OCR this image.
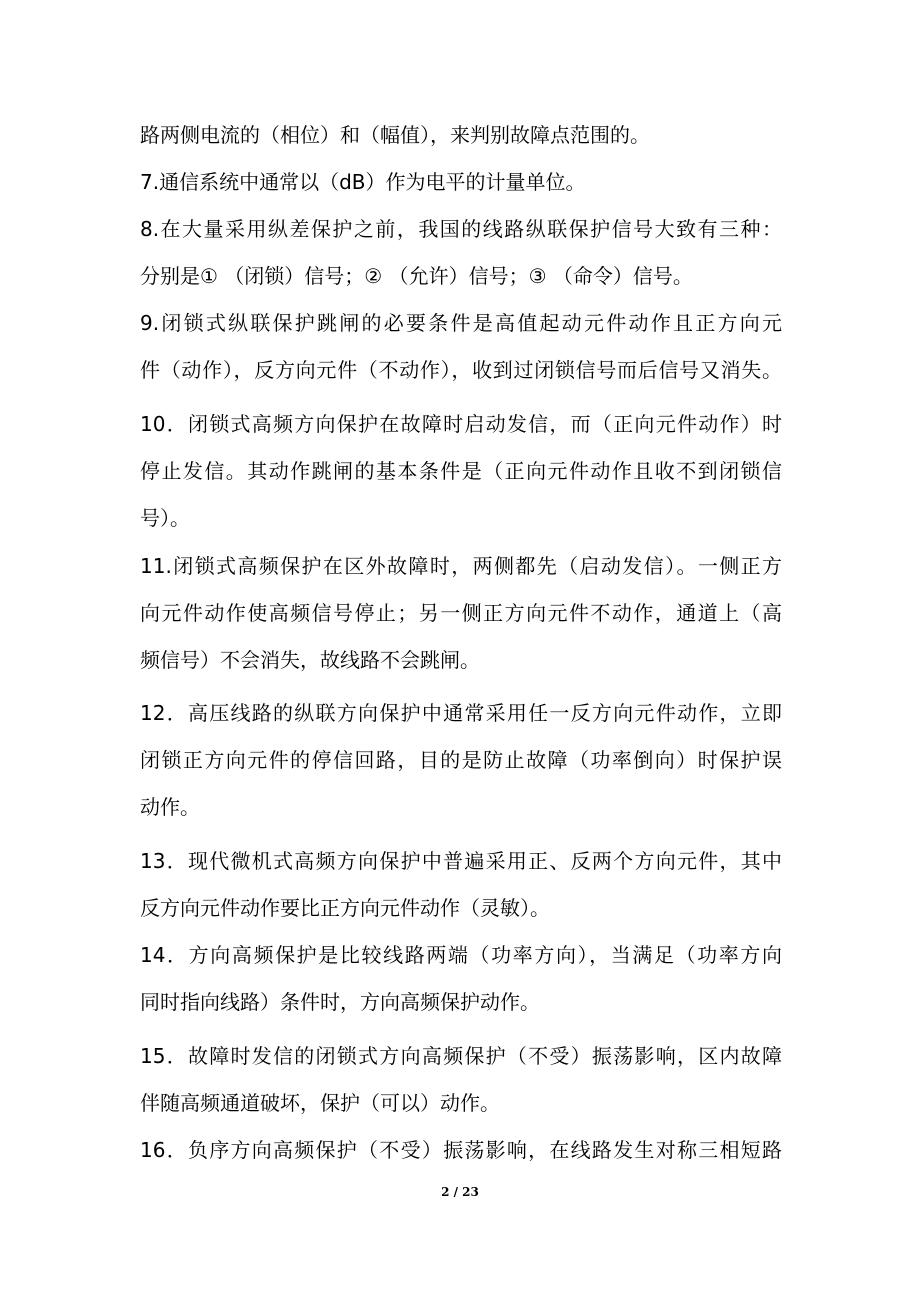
路两侧电流的（相位）和（幅值），来判别故障点范围的。
7.通信系统中通常以（dB）作为电平的计量单位。
8.在大量采用纵差保护之前，我国的线路纵联保护信号大致有三种：
分别是① （闭锁）信号；② （允许）信号；③ （命令）信号。
9.闭锁式纵联保护跳闸的必要条件是高值起动元件动作且正方向元
件（动作），反方向元件（不动作），收到过闭锁信号而后信号又消失。
10．闭锁式高频方向保护在故障时启动发信，而（正向元件动作）时
停止发信。其动作跳闸的基本条件是（正向元件动作且收不到闭锁信
号）。
11.闭锁式高频保护在区外故障时，两侧都先（启动发信）。一侧正方
向元件动作使高频信号停止；另一侧正方向元件不动作，通道上（高
频信号）不会消失，故线路不会跳闸。
12．高压线路的纵联方向保护中通常采用任一反方向元件动作，立即
闭锁正方向元件的停信回路，目的是防止故障（功率倒向）时保护误
动作。
13．现代微机式高频方向保护中普遍采用正、反两个方向元件，其中
反方向元件动作要比正方向元件动作（灵敏）。
14．方向高频保护是比较线路两端（功率方向），当满足（功率方向
同时指向线路）条件时，方向高频保护动作。
15．故障时发信的闭锁式方向高频保护（不受）振荡影响，区内故障
伴随高频通道破坏，保护（可以）动作。
16．负序方向高频保护（不受）振荡影响，在线路发生对称三相短路
2 / 23
